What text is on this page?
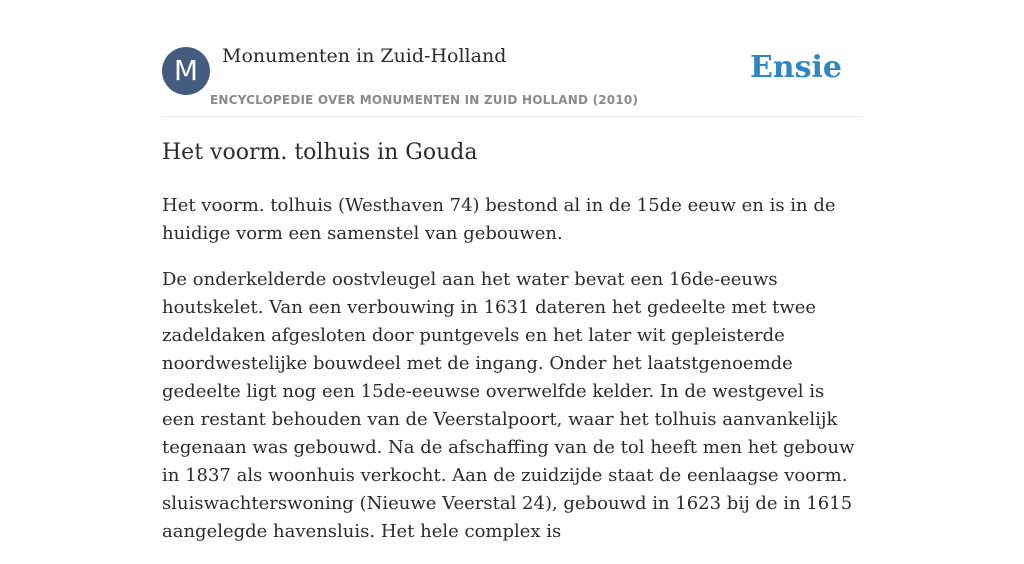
M	Monumenten in Zuid-Holland
ENCYCLOPEDIE OVER MONUMENTEN IN ZUID HOLLAND (2010)
Ensie
Het voorm. tolhuis in Gouda

Het voorm. tolhuis (Westhaven 74) bestond al in de 15de eeuw en is in de huidige vorm een samenstel van gebouwen.

De onderkelderde oostvleugel aan het water bevat een 16de-eeuws houtskelet. Van een verbouwing in 1631 dateren het gedeelte met twee zadeldaken afgesloten door puntgevels en het later wit gepleisterde noordwestelijke bouwdeel met de ingang. Onder het laatstgenoemde gedeelte ligt nog een 15de-eeuwse overwelfde kelder. In de westgevel is een restant behouden van de Veerstalpoort, waar het tolhuis aanvankelijk tegenaan was gebouwd. Na de afschaffing van de tol heeft men het gebouw in 1837 als woonhuis verkocht. Aan de zuidzijde staat de eenlaagse voorm. sluiswachterswoning (Nieuwe Veerstal 24), gebouwd in 1623 bij de in 1615 aangelegde havensluis. Het hele complex is
